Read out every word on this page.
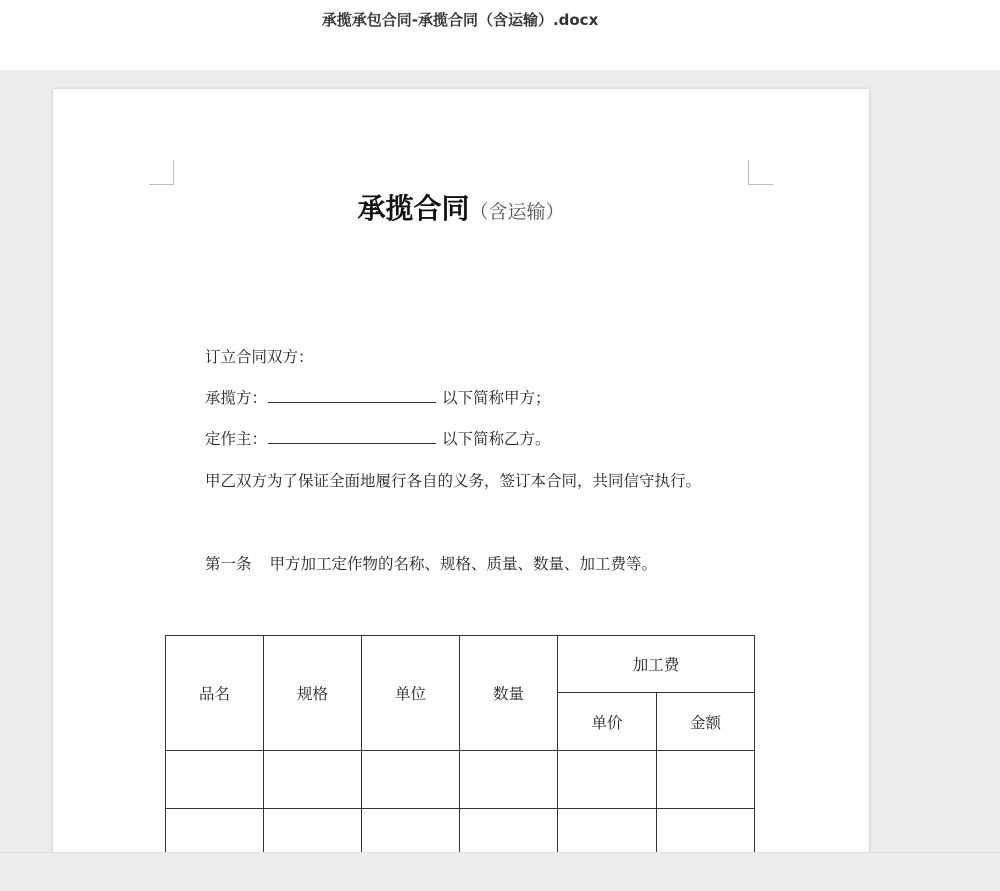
承揽承包合同-承揽合同（含运输）.docx
承揽合同（含运输）
订立合同双方：
承揽方：	以下简称甲方；
定作主：	以下简称乙方。
甲乙双方为了保证全面地履行各自的义务，签订本合同，共同信守执行。
第一条 甲方加工定作物的名称、规格、质量、数量、加工费等。
品名	规格	单位	数量	加工费	
				单价	金额
